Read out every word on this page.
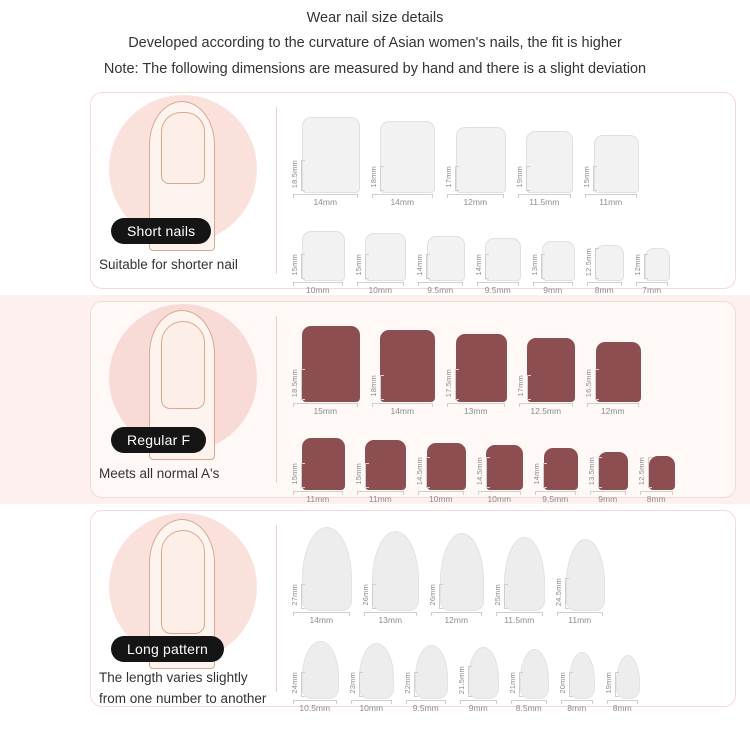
Wear nail size details
Developed according to the curvature of Asian women's nails, the fit is higher
Note: The following dimensions are measured by hand and there is a slight deviation
Short nails
Suitable for shorter nail
18.5mm
14mm
18mm
14mm
17mm
12mm
19mm
11.5mm
15mm
11mm
15mm
10mm
15mm
10mm
14mm
9.5mm
14mm
9.5mm
13mm
9mm
12.5mm
8mm
12mm
7mm
Regular F
Meets all normal A's
18.5mm
15mm
18mm
14mm
17.5mm
13mm
17mm
12.5mm
16.5mm
12mm
15mm
11mm
15mm
11mm
14.5mm
10mm
14.5mm
10mm
14mm
9.5mm
13.5mm
9mm
12.5mm
8mm
Long pattern
The length varies slightly
from one number to another
27mm
14mm
26mm
13mm
26mm
12mm
25mm
11.5mm
24.5mm
11mm
24mm
10.5mm
23mm
10mm
22mm
9.5mm
21.5mm
9mm
21mm
8.5mm
20mm
8mm
19mm
8mm
